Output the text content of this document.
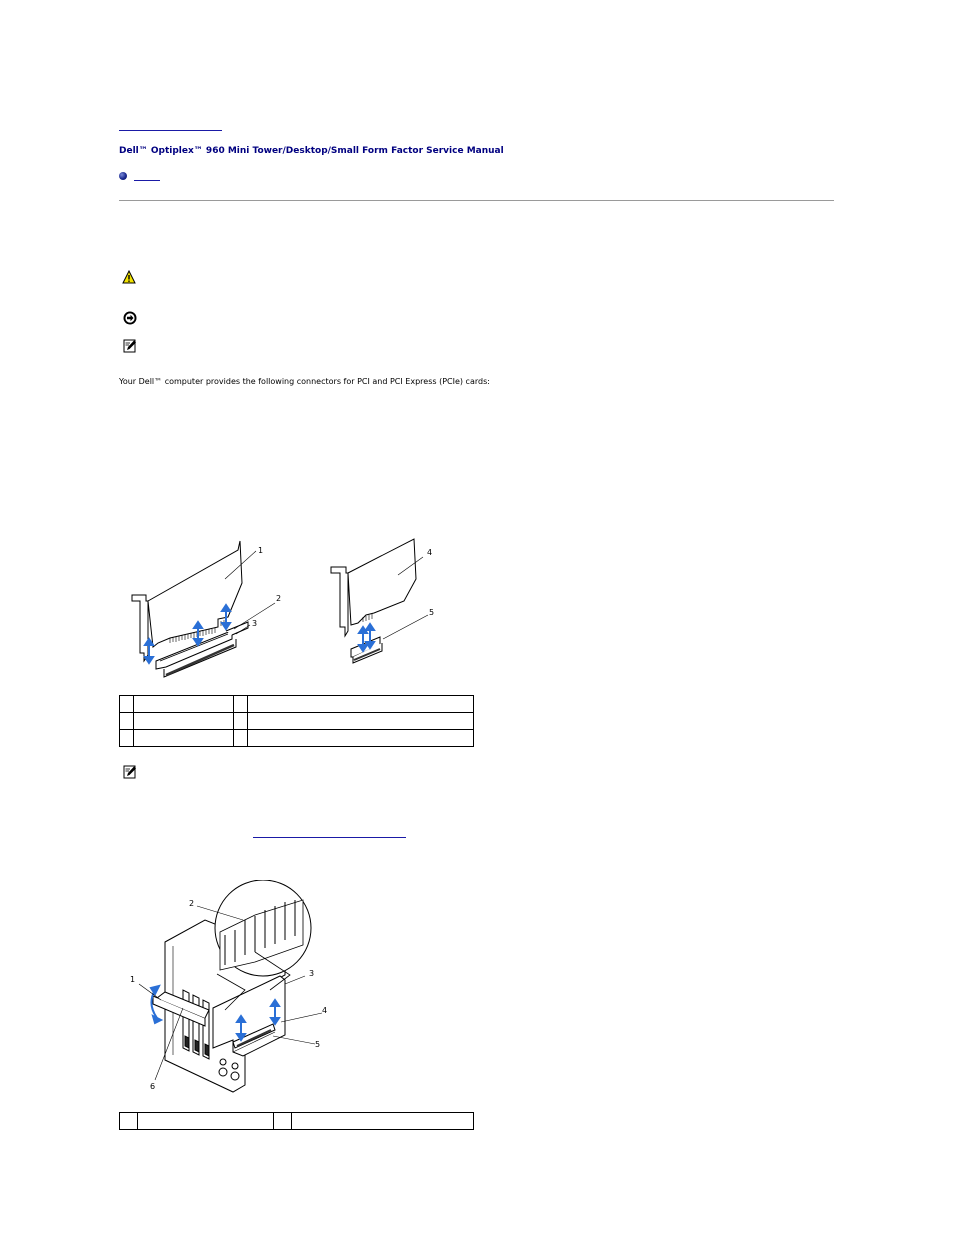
Dell™ Optiplex™ 960 Mini Tower/Desktop/Small Form Factor Service Manual
Your Dell™ computer provides the following connectors for PCI and PCI Express (PCIe) cards:
1
2
3
4
5

1
2
3
4
5
6
